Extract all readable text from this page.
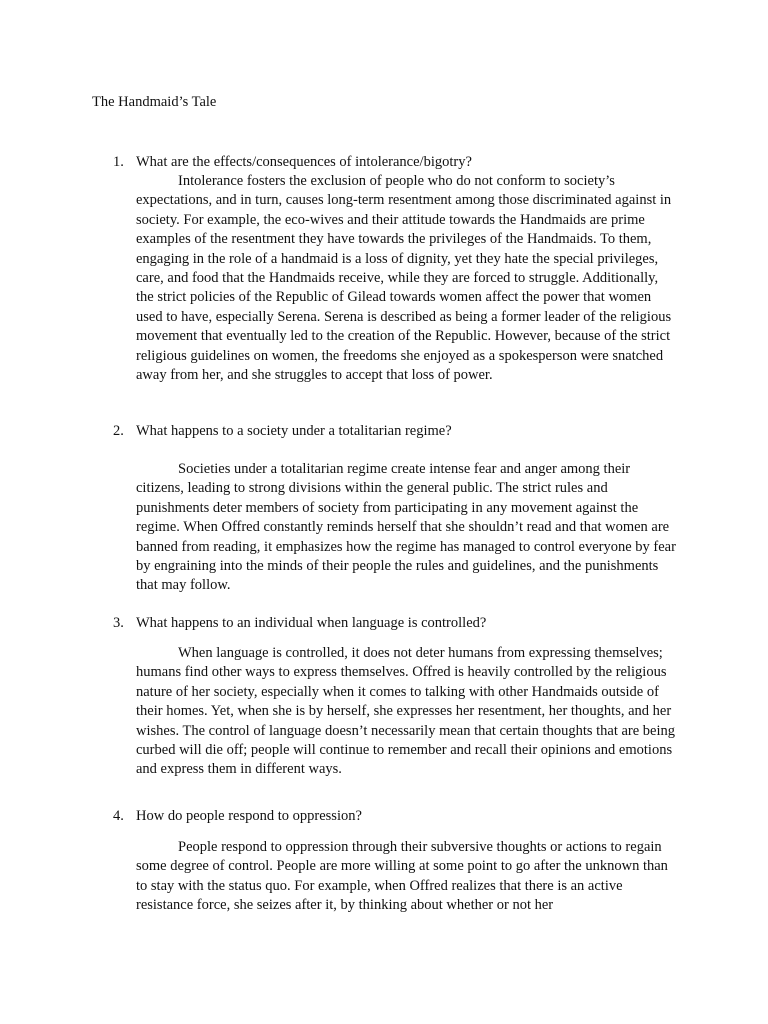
The Handmaid’s Tale
1. What are the effects/consequences of intolerance/bigotry?

Intolerance fosters the exclusion of people who do not conform to society’s expectations, and in turn, causes long-term resentment among those discriminated against in society. For example, the eco-wives and their attitude towards the Handmaids are prime examples of the resentment they have towards the privileges of the Handmaids. To them, engaging in the role of a handmaid is a loss of dignity, yet they hate the special privileges, care, and food that the Handmaids receive, while they are forced to struggle. Additionally, the strict policies of the Republic of Gilead towards women affect the power that women used to have, especially Serena. Serena is described as being a former leader of the religious movement that eventually led to the creation of the Republic. However, because of the strict religious guidelines on women, the freedoms she enjoyed as a spokesperson were snatched away from her, and she struggles to accept that loss of power.

2. What happens to a society under a totalitarian regime?

Societies under a totalitarian regime create intense fear and anger among their citizens, leading to strong divisions within the general public. The strict rules and punishments deter members of society from participating in any movement against the regime. When Offred constantly reminds herself that she shouldn’t read and that women are banned from reading, it emphasizes how the regime has managed to control everyone by fear by engraining into the minds of their people the rules and guidelines, and the punishments that may follow.

3. What happens to an individual when language is controlled?

When language is controlled, it does not deter humans from expressing themselves; humans find other ways to express themselves. Offred is heavily controlled by the religious nature of her society, especially when it comes to talking with other Handmaids outside of their homes. Yet, when she is by herself, she expresses her resentment, her thoughts, and her wishes. The control of language doesn’t necessarily mean that certain thoughts that are being curbed will die off; people will continue to remember and recall their opinions and emotions and express them in different ways.

4. How do people respond to oppression?

People respond to oppression through their subversive thoughts or actions to regain some degree of control. People are more willing at some point to go after the unknown than to stay with the status quo. For example, when Offred realizes that there is an active resistance force, she seizes after it, by thinking about whether or not her
